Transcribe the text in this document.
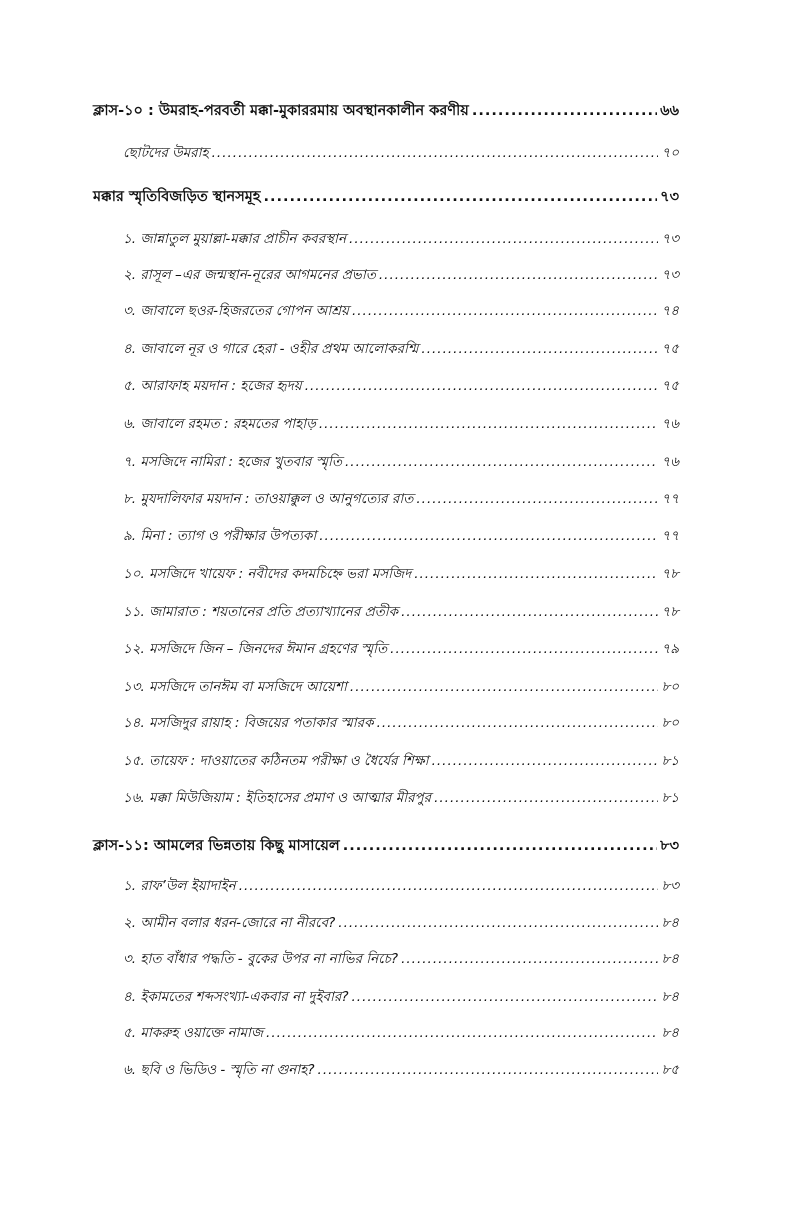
ক্লাস-১০ : উমরাহ-পরবর্তী মক্কা-মুকাররমায় অবস্থানকালীন করণীয় .....	৬৬
ছোটদের উমরাহ .....	৭০
মক্কার স্মৃতিবিজড়িত স্থানসমূহ .....	৭৩
১. জান্নাতুল মুয়াল্লা-মক্কার প্রাচীন কবরস্থান .....	৭৩
২. রাসূল –এর জন্মস্থান-নূরের আগমনের প্রভাত .....	৭৩
৩. জাবালে ছওর-হিজরতের গোপন আশ্রয় .....	৭৪
৪. জাবালে নূর ও গারে হেরা - ওহীর প্রথম আলোকরশ্মি .....	৭৫
৫. আরাফাহ ময়দান : হজের হৃদয় .....	৭৫
৬. জাবালে রহমত : রহমতের পাহাড় .....	৭৬
৭. মসজিদে নামিরা : হজের খুতবার স্মৃতি .....	৭৬
৮. মুযদালিফার ময়দান : তাওয়াক্কুল ও আনুগত্যের রাত .....	৭৭
৯. মিনা : ত্যাগ ও পরীক্ষার উপত্যকা .....	৭৭
১০. মসজিদে খায়েফ : নবীদের কদমচিহ্নে ভরা মসজিদ .....	৭৮
১১. জামারাত : শয়তানের প্রতি প্রত্যাখ্যানের প্রতীক .....	৭৮
১২. মসজিদে জিন – জিনদের ঈমান গ্রহণের স্মৃতি .....	৭৯
১৩. মসজিদে তানঈম বা মসজিদে আয়েশা .....	৮০
১৪. মসজিদুর রায়াহ : বিজয়ের পতাকার স্মারক .....	৮০
১৫. তায়েফ : দাওয়াতের কঠিনতম পরীক্ষা ও ধৈর্যের শিক্ষা .....	৮১
১৬. মক্কা মিউজিয়াম : ইতিহাসের প্রমাণ ও আত্মার মীরপুর .....	৮১
ক্লাস-১১: আমলের ভিন্নতায় কিছু মাসায়েল .....	৮৩
১. রাফ’উল ইয়াদাইন .....	৮৩
২. আমীন বলার ধরন-জোরে না নীরবে? .....	৮৪
৩. হাত বাঁধার পদ্ধতি - বুকের উপর না নাভির নিচে? .....	৮৪
৪. ইকামতের শব্দসংখ্যা-একবার না দুইবার? .....	৮৪
৫. মাকরুহ ওয়াক্তে নামাজ .....	৮৪
৬. ছবি ও ভিডিও - স্মৃতি না গুনাহ? .....	৮৫
